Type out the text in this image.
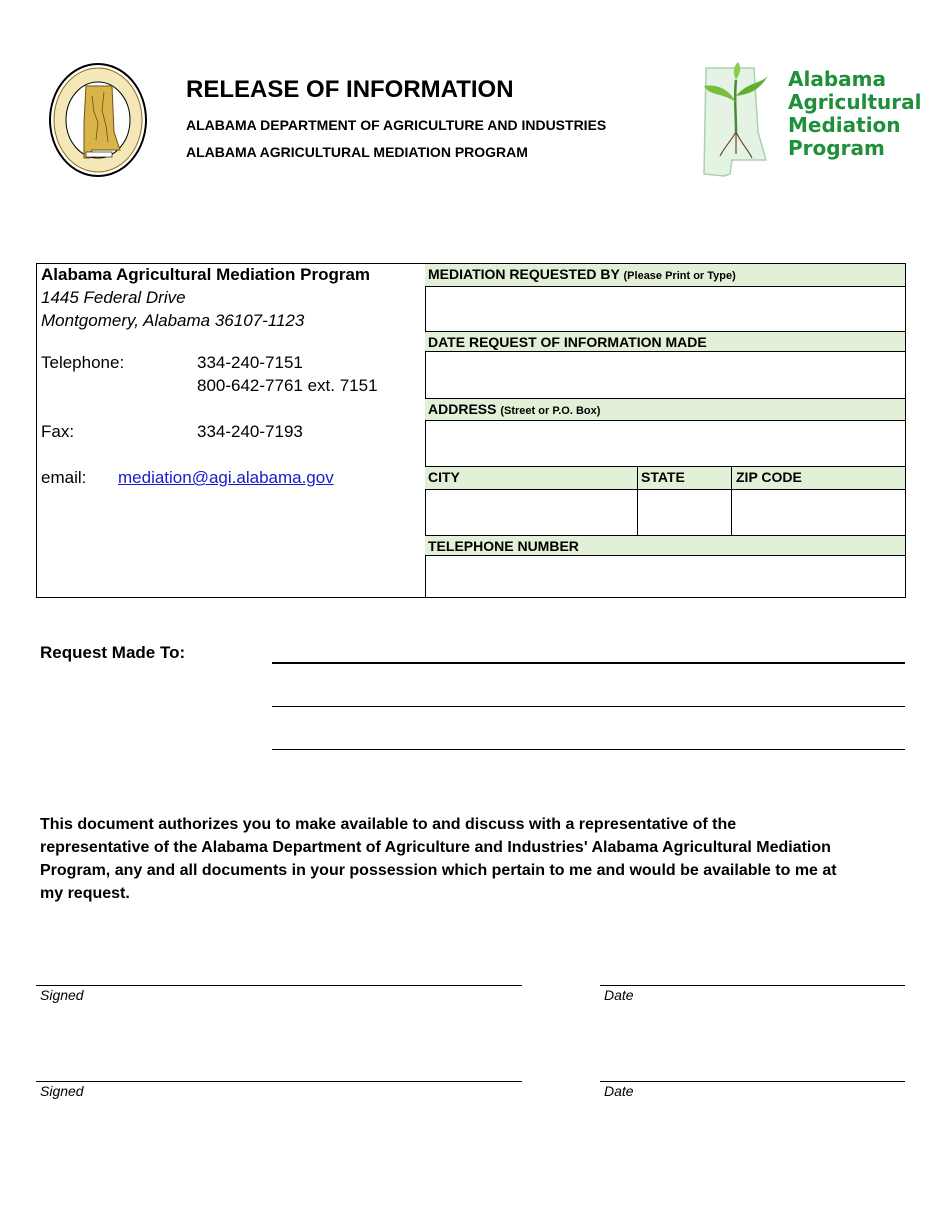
RELEASE OF INFORMATION
ALABAMA DEPARTMENT OF AGRICULTURE AND INDUSTRIES
ALABAMA AGRICULTURAL MEDIATION PROGRAM
Alabama
Agricultural
Mediation
Program
Alabama Agricultural Mediation Program
1445 Federal Drive
Montgomery, Alabama 36107-1123
Telephone:	334-240-7151
800-642-7761 ext. 7151
Fax:	334-240-7193
email: mediation@agi.alabama.gov
MEDIATION REQUESTED BY (Please Print or Type)
DATE REQUEST OF INFORMATION MADE
ADDRESS (Street or P.O. Box)
CITY	STATE	ZIP CODE
TELEPHONE NUMBER
Request Made To:
This document authorizes you to make available to and discuss with a representative of the representative of the Alabama Department of Agriculture and Industries' Alabama Agricultural Mediation Program, any and all documents in your possession which pertain to me and would be available to me at my request.
Signed	Date
Signed	Date
